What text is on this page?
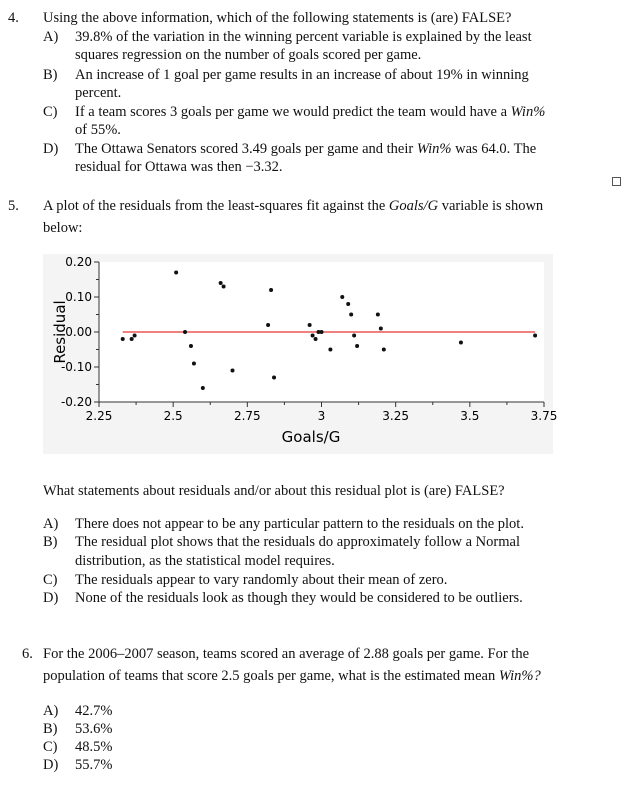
4. Using the above information, which of the following statements is (are) FALSE?
A) 39.8% of the variation in the winning percent variable is explained by the least
squares regression on the number of goals scored per game.
B) An increase of 1 goal per game results in an increase of about 19% in winning
percent.
C) If a team scores 3 goals per game we would predict the team would have a Win%
of 55%.
D) The Ottawa Senators scored 3.49 goals per game and their Win% was 64.0. The
residual for Ottawa was then −3.32.
5. A plot of the residuals from the least-squares fit against the Goals/G variable is shown
below:
0.20
0.10
0.00
-0.10
-0.20
2.25	2.5	2.75	3	3.25	3.5	3.75
Residual
Goals/G
What statements about residuals and/or about this residual plot is (are) FALSE?
A) There does not appear to be any particular pattern to the residuals on the plot.
B) The residual plot shows that the residuals do approximately follow a Normal
distribution, as the statistical model requires.
C) The residuals appear to vary randomly about their mean of zero.
D) None of the residuals look as though they would be considered to be outliers.
6. For the 2006–2007 season, teams scored an average of 2.88 goals per game. For the
population of teams that score 2.5 goals per game, what is the estimated mean Win%?
A) 42.7%
B) 53.6%
C) 48.5%
D) 55.7%
